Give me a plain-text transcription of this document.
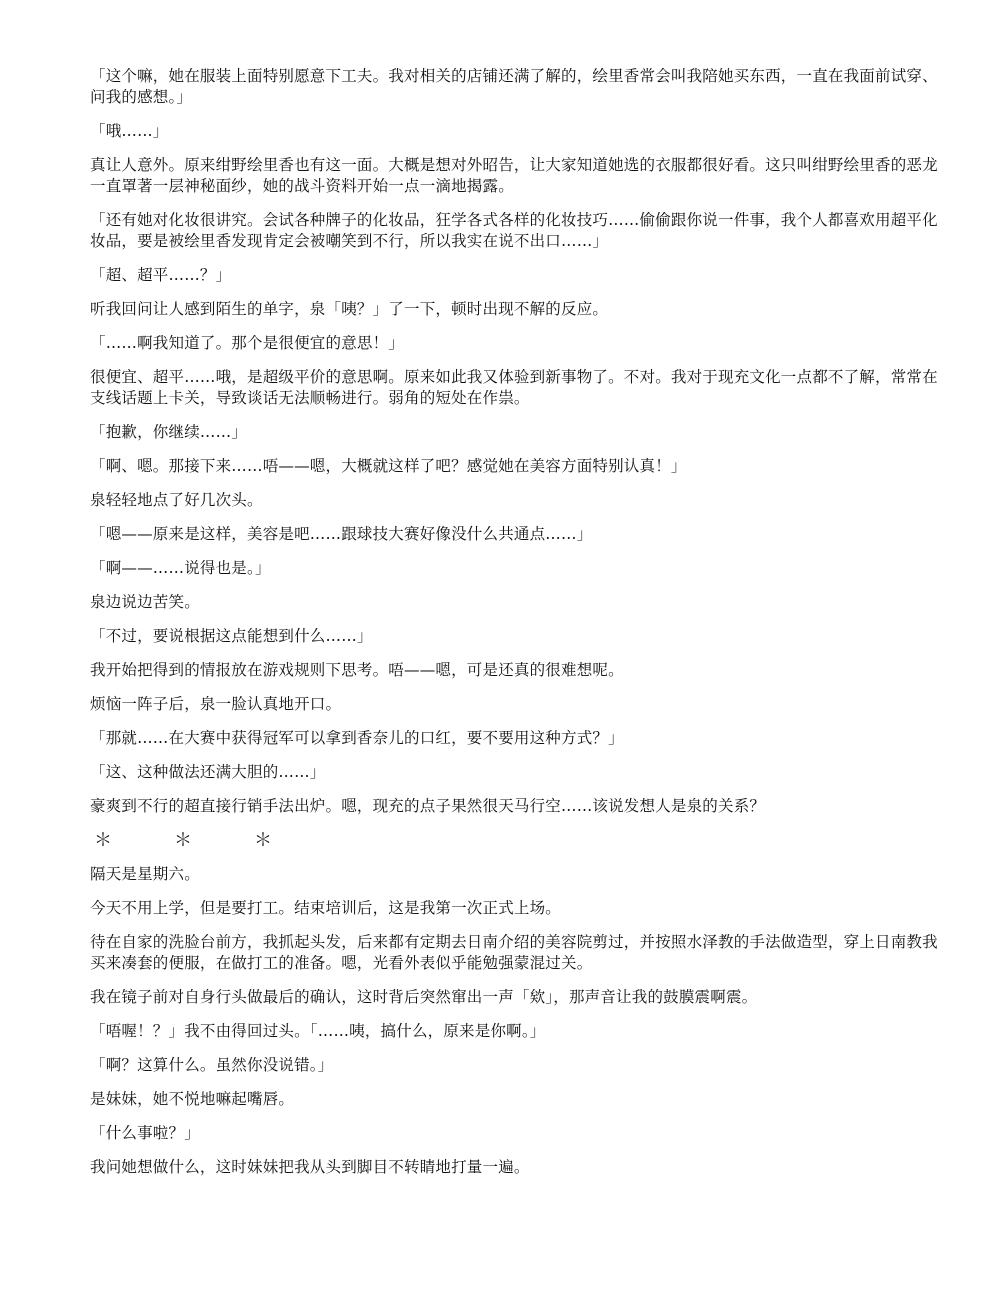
「这个嘛，她在服装上面特别愿意下工夫。我对相关的店铺还满了解的，绘里香常会叫我陪她买东西，一直在我面前试穿、问我的感想。」

「哦……」

真让人意外。原来绀野绘里香也有这一面。大概是想对外昭告，让大家知道她选的衣服都很好看。这只叫绀野绘里香的恶龙一直罩著一层神秘面纱，她的战斗资料开始一点一滴地揭露。

「还有她对化妆很讲究。会试各种牌子的化妆品，狂学各式各样的化妆技巧……偷偷跟你说一件事，我个人都喜欢用超平化妆品，要是被绘里香发现肯定会被嘲笑到不行，所以我实在说不出口……」

「超、超平……？」

听我回问让人感到陌生的单字，泉「咦？」了一下，顿时出现不解的反应。

「……啊我知道了。那个是很便宜的意思！」

很便宜、超平……哦，是超级平价的意思啊。原来如此我又体验到新事物了。不对。我对于现充文化一点都不了解，常常在支线话题上卡关，导致谈话无法顺畅进行。弱角的短处在作祟。

「抱歉，你继续……」

「啊、嗯。那接下来……唔——嗯，大概就这样了吧？感觉她在美容方面特别认真！」

泉轻轻地点了好几次头。

「嗯——原来是这样，美容是吧……跟球技大赛好像没什么共通点……」

「啊——……说得也是。」

泉边说边苦笑。

「不过，要说根据这点能想到什么……」

我开始把得到的情报放在游戏规则下思考。唔——嗯，可是还真的很难想呢。

烦恼一阵子后，泉一脸认真地开口。

「那就……在大赛中获得冠军可以拿到香奈儿的口红，要不要用这种方式？」

「这、这种做法还满大胆的……」

豪爽到不行的超直接行销手法出炉。嗯，现充的点子果然很天马行空……该说发想人是泉的关系？

＊　＊　＊

隔天是星期六。

今天不用上学，但是要打工。结束培训后，这是我第一次正式上场。

待在自家的洗脸台前方，我抓起头发，后来都有定期去日南介绍的美容院剪过，并按照水泽教的手法做造型，穿上日南教我买来凑套的便服，在做打工的准备。嗯，光看外表似乎能勉强蒙混过关。

我在镜子前对自身行头做最后的确认，这时背后突然窜出一声「欸」，那声音让我的鼓膜震啊震。

「唔喔！？」我不由得回过头。「……咦，搞什么，原来是你啊。」

「啊？这算什么。虽然你没说错。」

是妹妹，她不悦地嘛起嘴唇。

「什么事啦？」

我问她想做什么，这时妹妹把我从头到脚目不转睛地打量一遍。
